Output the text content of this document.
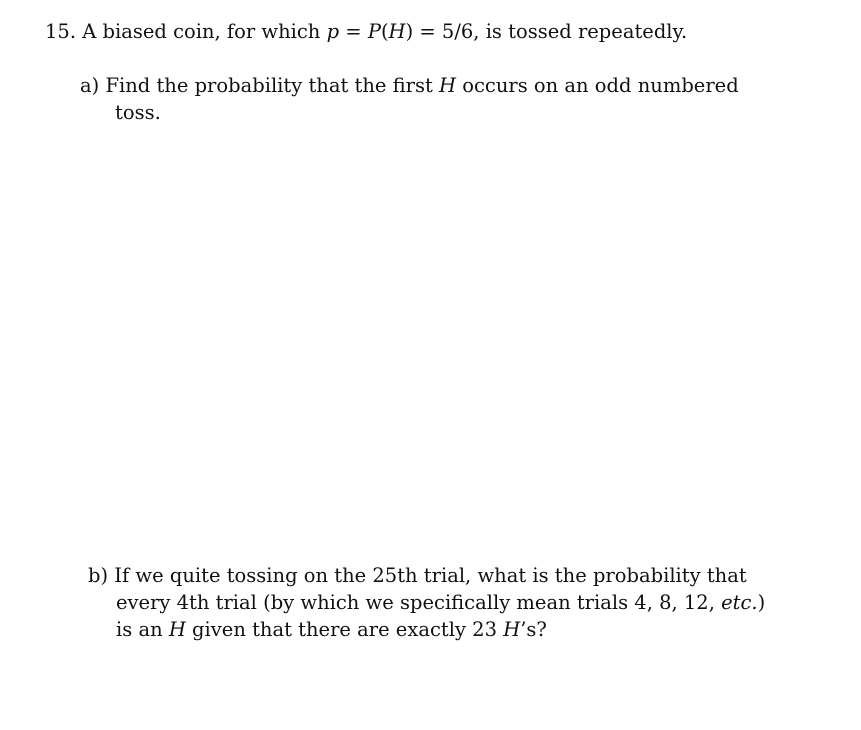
15. A biased coin, for which p = P(H) = 5/6, is tossed repeatedly.
a) Find the probability that the first H occurs on an odd numbered
toss.
b) If we quite tossing on the 25th trial, what is the probability that
every 4th trial (by which we specifically mean trials 4, 8, 12, etc.)
is an H given that there are exactly 23 H’s?
